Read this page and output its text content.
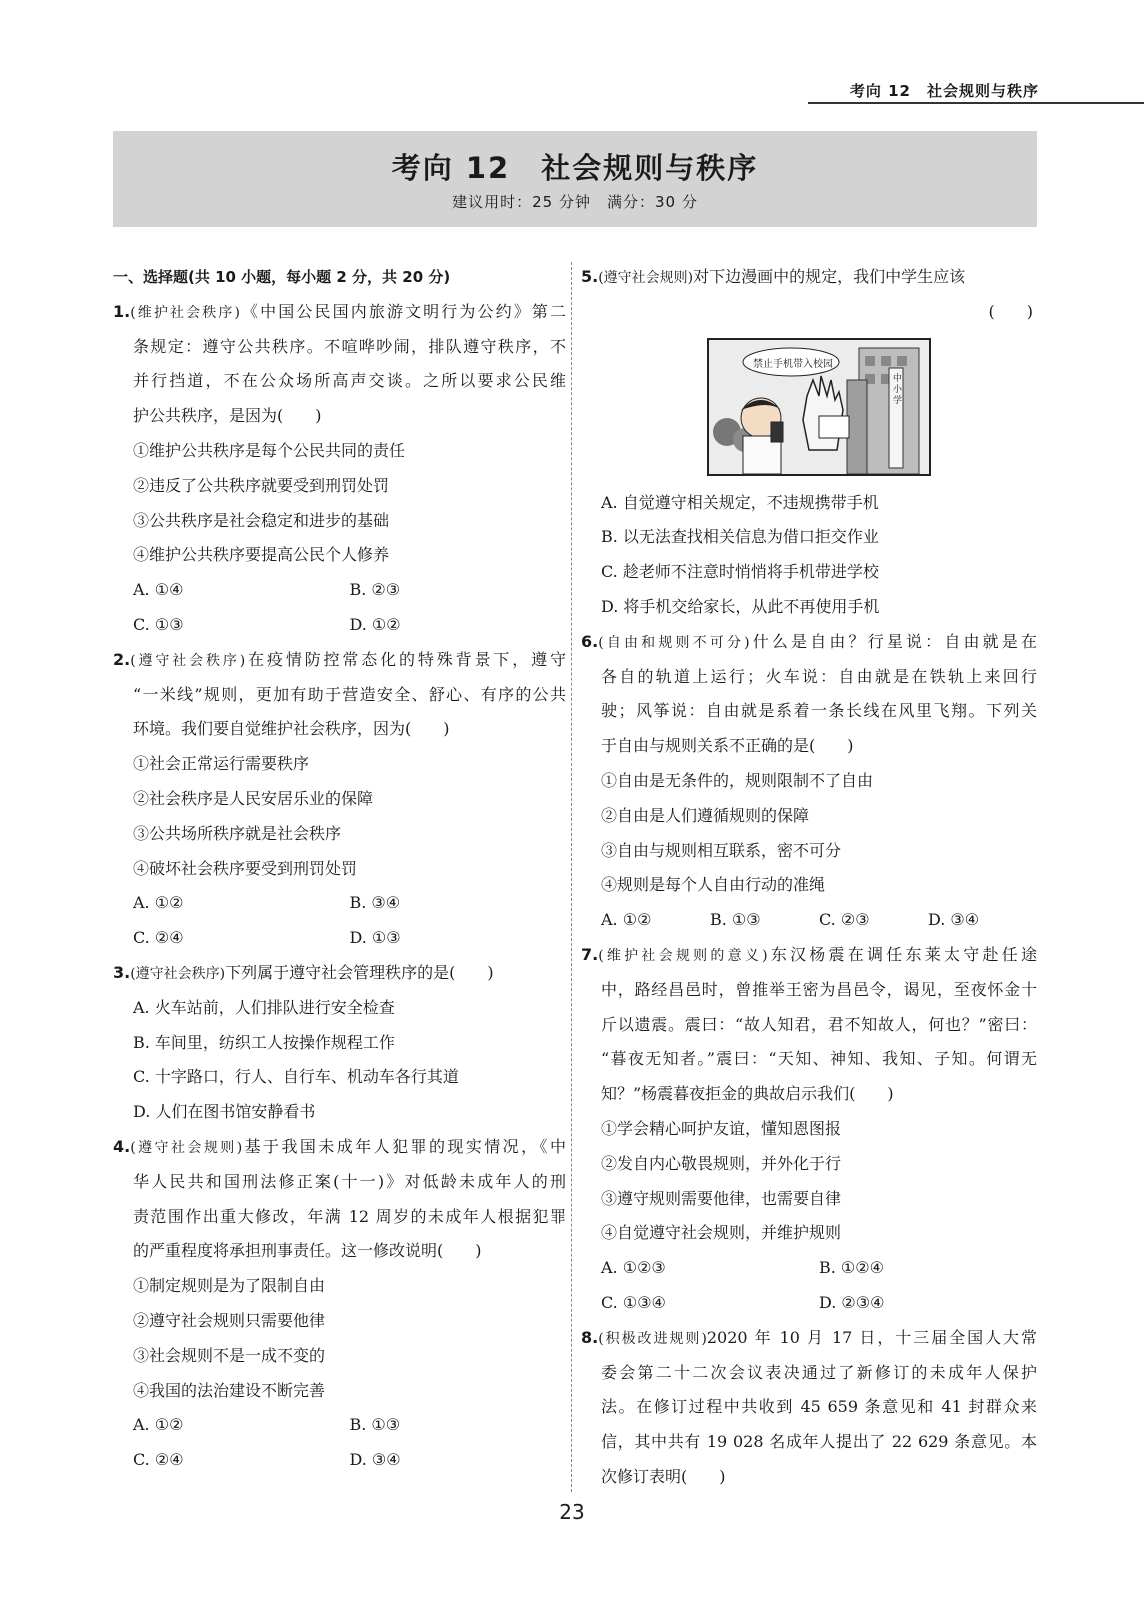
考向 12　社会规则与秩序
考向 12　社会规则与秩序
建议用时：25 分钟　满分：30 分
一、选择题(共 10 小题，每小题 2 分，共 20 分)
1.(维护社会秩序)《中国公民国内旅游文明行为公约》第二
条规定：遵守公共秩序。不喧哗吵闹，排队遵守秩序，不
并行挡道，不在公众场所高声交谈。之所以要求公民维
护公共秩序，是因为(　　)
①维护公共秩序是每个公民共同的责任
②违反了公共秩序就要受到刑罚处罚
③公共秩序是社会稳定和进步的基础
④维护公共秩序要提高公民个人修养
A. ①④	B. ②③
C. ①③	D. ①②
2.(遵守社会秩序)在疫情防控常态化的特殊背景下，遵守
“一米线”规则，更加有助于营造安全、舒心、有序的公共
环境。我们要自觉维护社会秩序，因为(　　)
①社会正常运行需要秩序
②社会秩序是人民安居乐业的保障
③公共场所秩序就是社会秩序
④破坏社会秩序要受到刑罚处罚
A. ①②	B. ③④
C. ②④	D. ①③
3.(遵守社会秩序)下列属于遵守社会管理秩序的是(　　)
A. 火车站前，人们排队进行安全检查
B. 车间里，纺织工人按操作规程工作
C. 十字路口，行人、自行车、机动车各行其道
D. 人们在图书馆安静看书
4.(遵守社会规则)基于我国未成年人犯罪的现实情况，《中
华人民共和国刑法修正案(十一)》对低龄未成年人的刑
责范围作出重大修改，年满 12 周岁的未成年人根据犯罪
的严重程度将承担刑事责任。这一修改说明(　　)
①制定规则是为了限制自由
②遵守社会规则只需要他律
③社会规则不是一成不变的
④我国的法治建设不断完善
A. ①②	B. ①③
C. ②④	D. ③④
5.(遵守社会规则)对下边漫画中的规定，我们中学生应该
(　　)
禁止手机带入校园
中小学
A. 自觉遵守相关规定，不违规携带手机
B. 以无法查找相关信息为借口拒交作业
C. 趁老师不注意时悄悄将手机带进学校
D. 将手机交给家长，从此不再使用手机
6.(自由和规则不可分)什么是自由？行星说：自由就是在
各自的轨道上运行；火车说：自由就是在铁轨上来回行
驶；风筝说：自由就是系着一条长线在风里飞翔。下列关
于自由与规则关系不正确的是(　　)
①自由是无条件的，规则限制不了自由
②自由是人们遵循规则的保障
③自由与规则相互联系，密不可分
④规则是每个人自由行动的准绳
A. ①②	B. ①③	C. ②③	D. ③④
7.(维护社会规则的意义)东汉杨震在调任东莱太守赴任途
中，路经昌邑时，曾推举王密为昌邑令，谒见，至夜怀金十
斤以遗震。震曰：“故人知君，君不知故人，何也？”密曰：
“暮夜无知者。”震曰：“天知、神知、我知、子知。何谓无
知？”杨震暮夜拒金的典故启示我们(　　)
①学会精心呵护友谊，懂知恩图报
②发自内心敬畏规则，并外化于行
③遵守规则需要他律，也需要自律
④自觉遵守社会规则，并维护规则
A. ①②③	B. ①②④
C. ①③④	D. ②③④
8.(积极改进规则)2020 年 10 月 17 日，十三届全国人大常
委会第二十二次会议表决通过了新修订的未成年人保护
法。在修订过程中共收到 45 659 条意见和 41 封群众来
信，其中共有 19 028 名成年人提出了 22 629 条意见。本
次修订表明(　　)
23
